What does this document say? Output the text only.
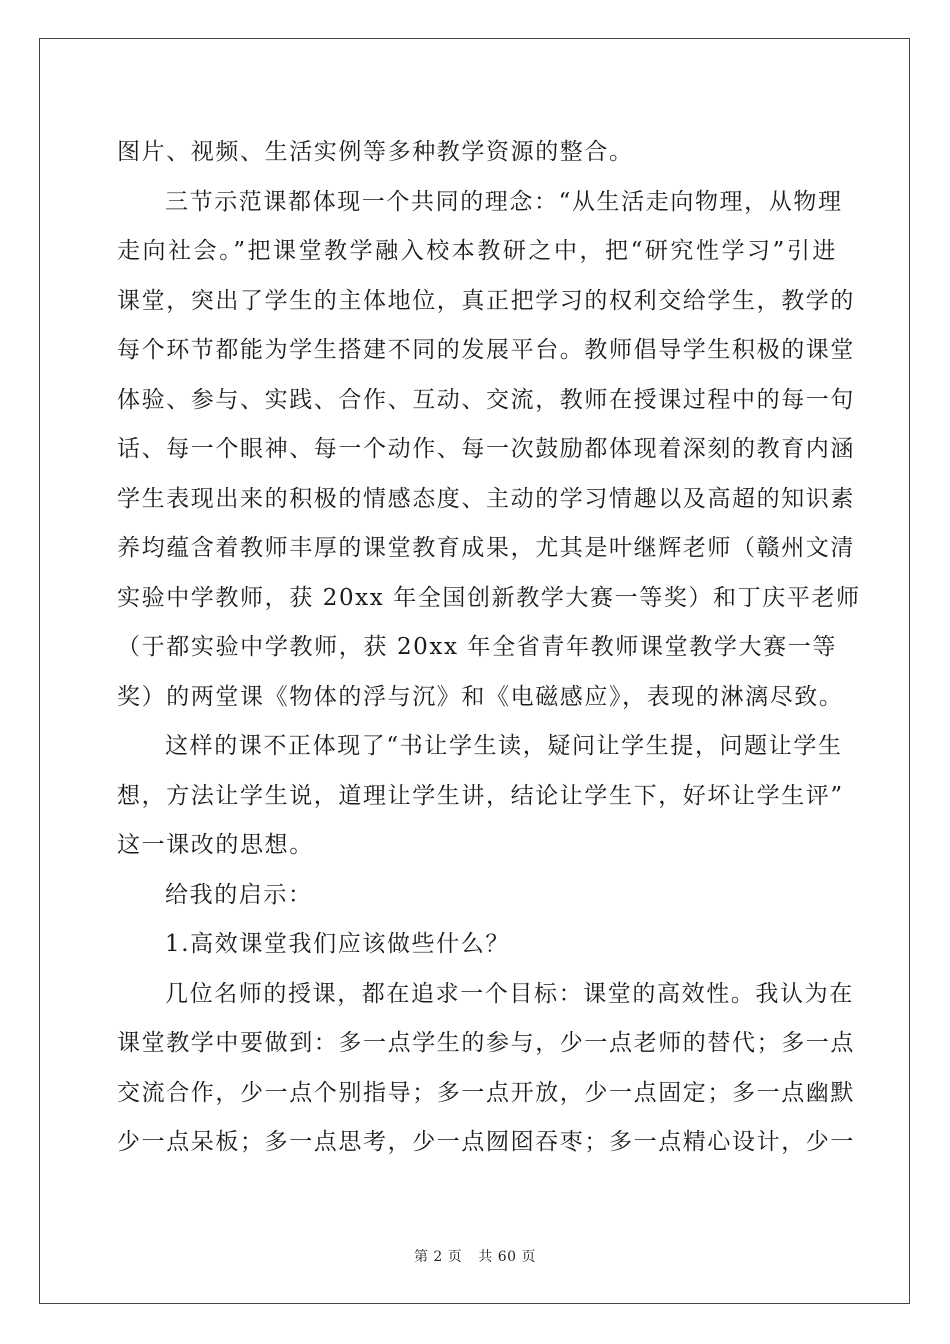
图片、视频、生活实例等多种教学资源的整合。
三节示范课都体现一个共同的理念：“从生活走向物理，从物理
走向社会。”把课堂教学融入校本教研之中，把“研究性学习”引进
课堂，突出了学生的主体地位，真正把学习的权利交给学生，教学的
每个环节都能为学生搭建不同的发展平台。教师倡导学生积极的课堂
体验、参与、实践、合作、互动、交流，教师在授课过程中的每一句
话、每一个眼神、每一个动作、每一次鼓励都体现着深刻的教育内涵
学生表现出来的积极的情感态度、主动的学习情趣以及高超的知识素
养均蕴含着教师丰厚的课堂教育成果，尤其是叶继辉老师（赣州文清
实验中学教师，获 20xx 年全国创新教学大赛一等奖）和丁庆平老师
（于都实验中学教师，获 20xx 年全省青年教师课堂教学大赛一等
奖）的两堂课《物体的浮与沉》和《电磁感应》，表现的淋漓尽致。
这样的课不正体现了“书让学生读，疑问让学生提，问题让学生
想，方法让学生说，道理让学生讲，结论让学生下，好坏让学生评”
这一课改的思想。
给我的启示：
1.高效课堂我们应该做些什么？
几位名师的授课，都在追求一个目标：课堂的高效性。我认为在
课堂教学中要做到：多一点学生的参与，少一点老师的替代；多一点
交流合作，少一点个别指导；多一点开放，少一点固定；多一点幽默
少一点呆板；多一点思考，少一点囫囵吞枣；多一点精心设计，少一
第 2 页 共 60 页
